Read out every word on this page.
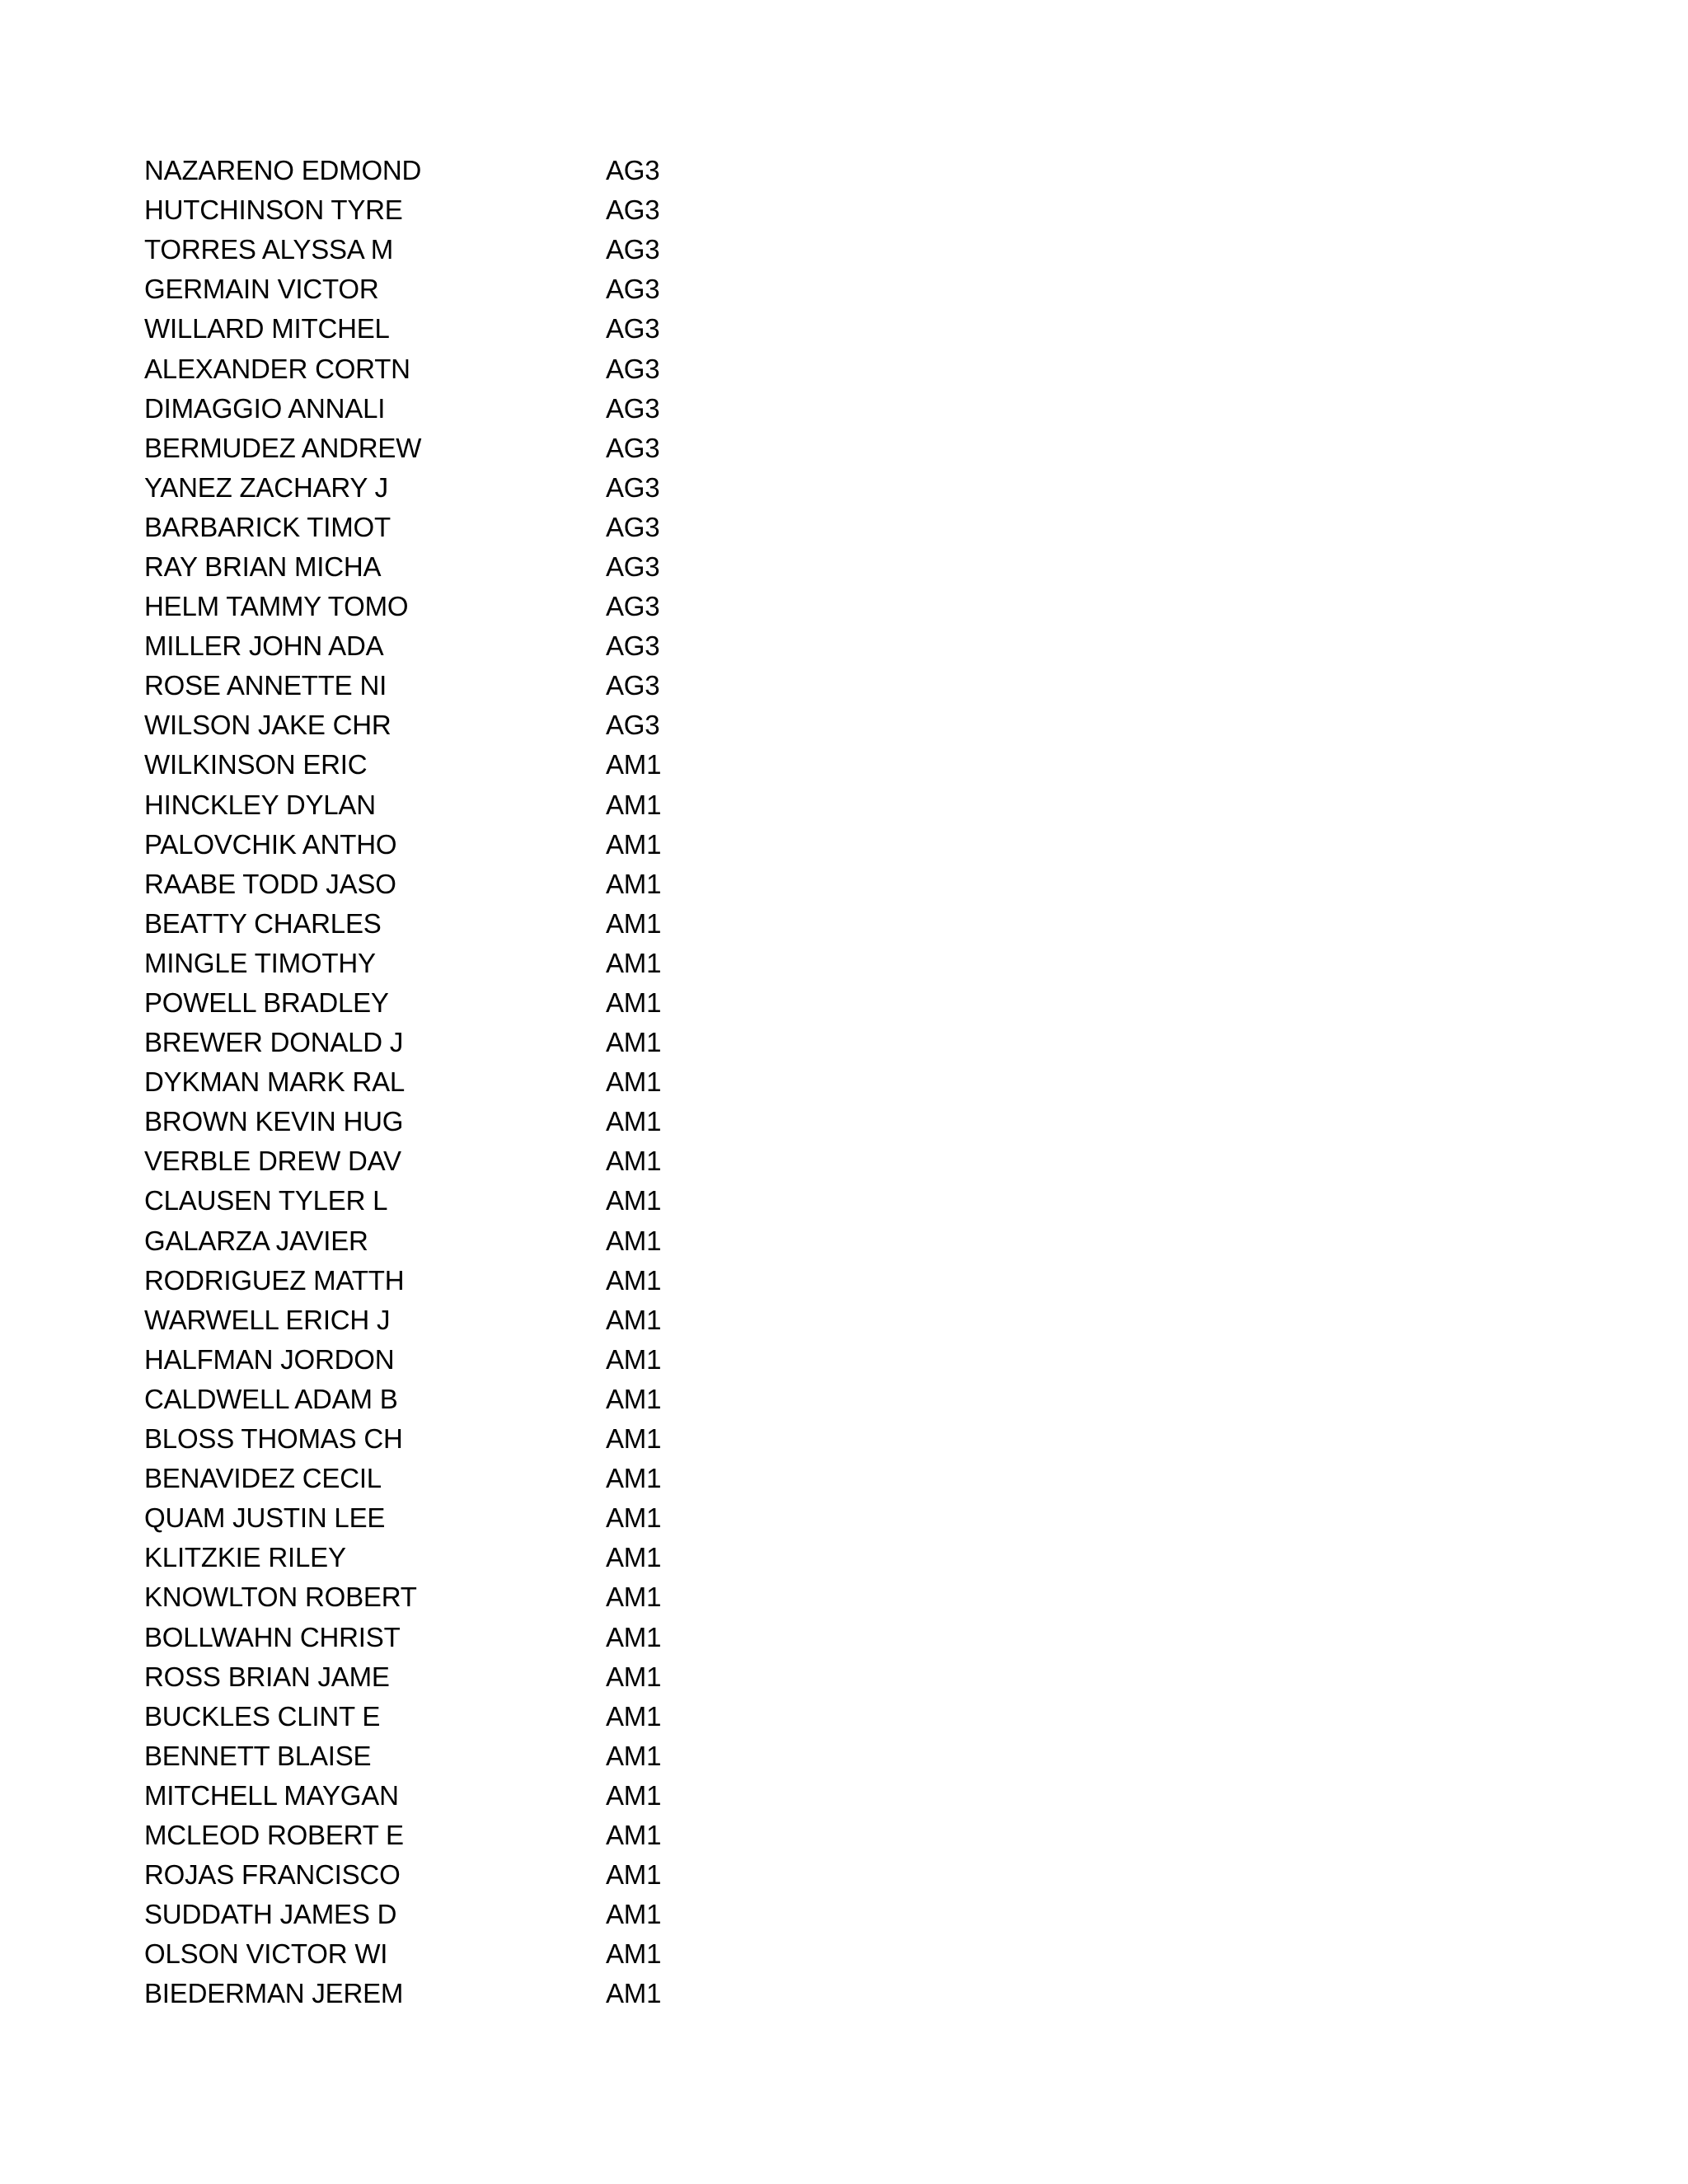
NAZARENO EDMOND	AG3
HUTCHINSON TYRE	AG3
TORRES ALYSSA M	AG3
GERMAIN VICTOR	AG3
WILLARD MITCHEL	AG3
ALEXANDER CORTN	AG3
DIMAGGIO ANNALI	AG3
BERMUDEZ ANDREW	AG3
YANEZ ZACHARY J	AG3
BARBARICK TIMOT	AG3
RAY BRIAN MICHA	AG3
HELM TAMMY TOMO	AG3
MILLER JOHN ADA	AG3
ROSE ANNETTE NI	AG3
WILSON JAKE CHR	AG3
WILKINSON ERIC	AM1
HINCKLEY DYLAN	AM1
PALOVCHIK ANTHO	AM1
RAABE TODD JASO	AM1
BEATTY CHARLES	AM1
MINGLE TIMOTHY	AM1
POWELL BRADLEY	AM1
BREWER DONALD J	AM1
DYKMAN MARK RAL	AM1
BROWN KEVIN HUG	AM1
VERBLE DREW DAV	AM1
CLAUSEN TYLER L	AM1
GALARZA JAVIER	AM1
RODRIGUEZ MATTH	AM1
WARWELL ERICH J	AM1
HALFMAN JORDON	AM1
CALDWELL ADAM B	AM1
BLOSS THOMAS CH	AM1
BENAVIDEZ CECIL	AM1
QUAM JUSTIN LEE	AM1
KLITZKIE RILEY	AM1
KNOWLTON ROBERT	AM1
BOLLWAHN CHRIST	AM1
ROSS BRIAN JAME	AM1
BUCKLES CLINT E	AM1
BENNETT BLAISE	AM1
MITCHELL MAYGAN	AM1
MCLEOD ROBERT E	AM1
ROJAS FRANCISCO	AM1
SUDDATH JAMES D	AM1
OLSON VICTOR WI	AM1
BIEDERMAN JEREM	AM1
